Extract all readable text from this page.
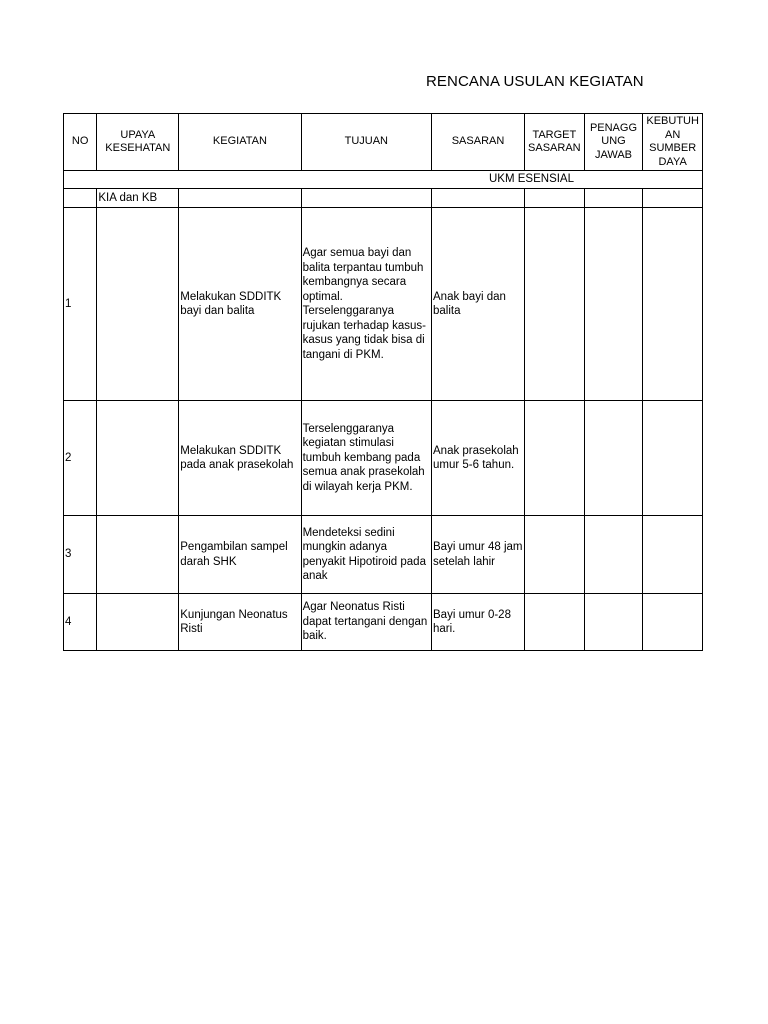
RENCANA USULAN KEGIATAN
NO	UPAYA KESEHATAN	KEGIATAN	TUJUAN	SASARAN	TARGET SASARAN	PENAGG UNG JAWAB	KEBUTUH AN SUMBER DAYA
UKM ESENSIAL							
	KIA dan KB						
1		Melakukan SDDITK bayi dan balita	Agar semua bayi dan balita terpantau tumbuh kembangnya secara optimal. Terselenggaranya rujukan terhadap kasus-kasus yang tidak bisa di tangani di PKM.	Anak bayi dan balita			
2		Melakukan SDDITK pada anak prasekolah	Terselenggaranya kegiatan stimulasi tumbuh kembang pada semua anak prasekolah di wilayah kerja PKM.	Anak prasekolah umur 5-6 tahun.			
3		Pengambilan sampel darah SHK	Mendeteksi sedini mungkin adanya penyakit Hipotiroid pada anak	Bayi umur 48 jam setelah lahir			
4		Kunjungan Neonatus Risti	Agar Neonatus Risti dapat tertangani dengan baik.	Bayi umur 0-28 hari.			
